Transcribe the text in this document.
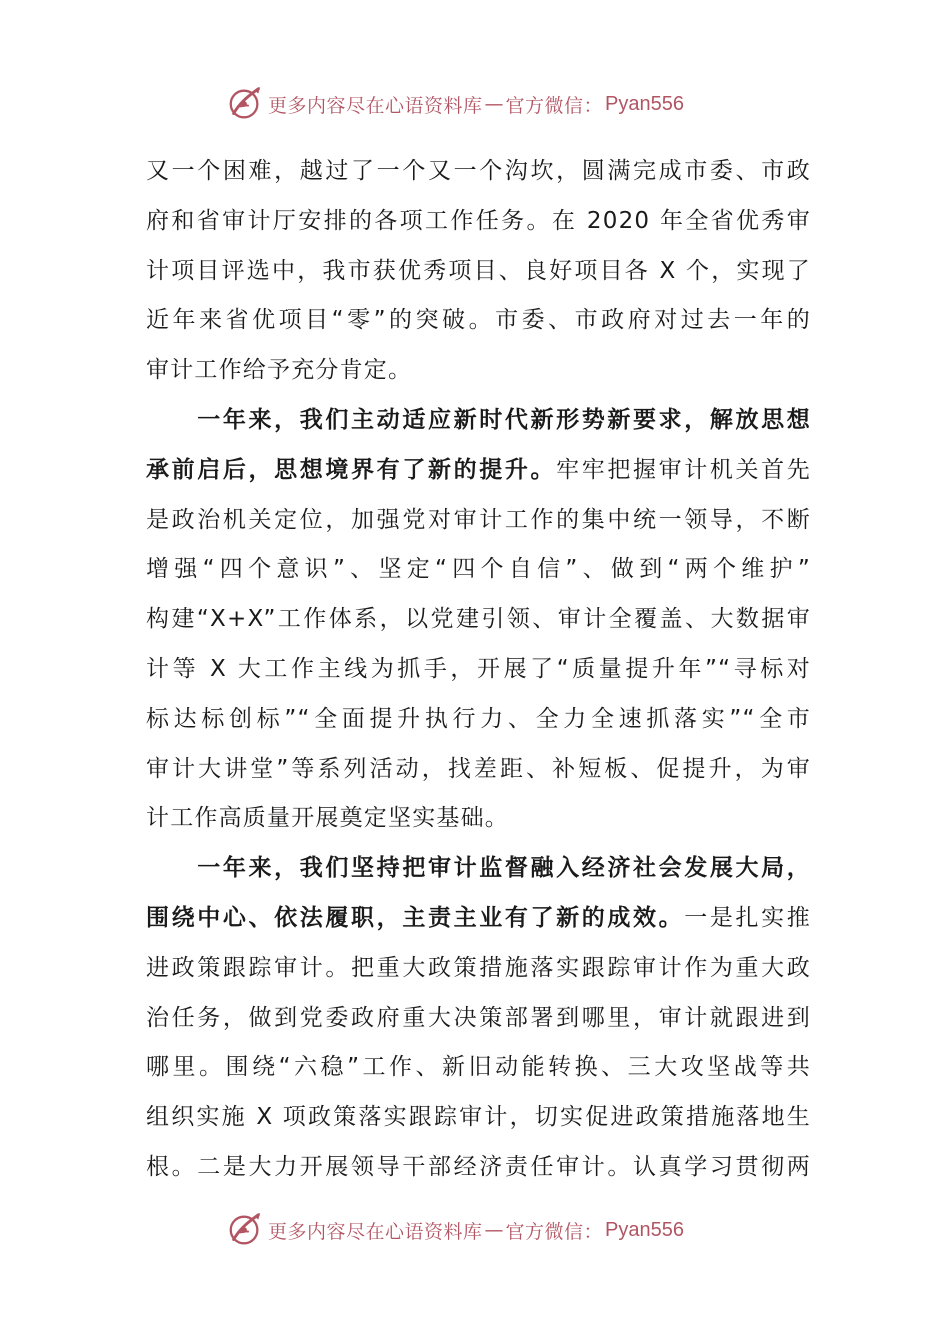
更多内容尽在心语资料库 — 官方微信： Pyan556

又一个困难，越过了一个又一个沟坎，圆满完成市委、市政
府和省审计厅安排的各项工作任务。在 2020 年全省优秀审
计项目评选中，我市获优秀项目、良好项目各 X 个，实现了
近年来省优项目“零”的突破。市委、市政府对过去一年的
审计工作给予充分肯定。

　　一年来，我们主动适应新时代新形势新要求，解放思想
承前启后，思想境界有了新的提升。牢牢把握审计机关首先
是政治机关定位，加强党对审计工作的集中统一领导，不断
增强“四个意识”、坚定“四个自信”、做到“两个维护”
构建“X+X”工作体系，以党建引领、审计全覆盖、大数据审
计等 X 大工作主线为抓手，开展了“质量提升年”“寻标对
标达标创标”“全面提升执行力、全力全速抓落实”“全市
审计大讲堂”等系列活动，找差距、补短板、促提升，为审
计工作高质量开展奠定坚实基础。

　　一年来，我们坚持把审计监督融入经济社会发展大局，
围绕中心、依法履职，主责主业有了新的成效。一是扎实推
进政策跟踪审计。把重大政策措施落实跟踪审计作为重大政
治任务，做到党委政府重大决策部署到哪里，审计就跟进到
哪里。围绕“六稳”工作、新旧动能转换、三大攻坚战等共
组织实施 X 项政策落实跟踪审计，切实促进政策措施落地生
根。二是大力开展领导干部经济责任审计。认真学习贯彻两

更多内容尽在心语资料库 — 官方微信： Pyan556
